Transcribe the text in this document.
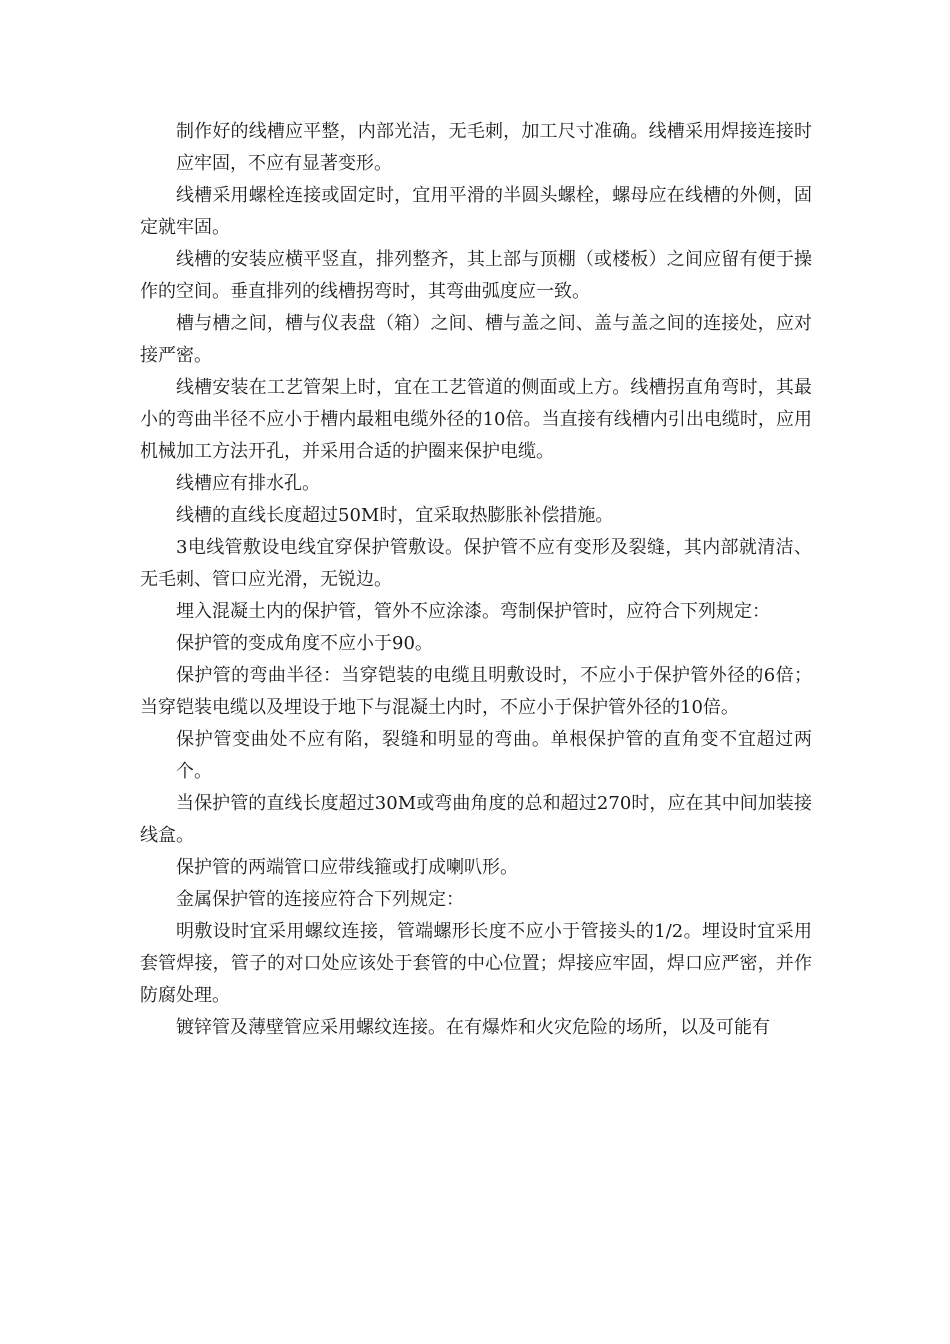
制作好的线槽应平整，内部光洁，无毛刺，加工尺寸准确。线槽采用焊接连接时应牢固，不应有显著变形。

线槽采用螺栓连接或固定时，宜用平滑的半圆头螺栓，螺母应在线槽的外侧，固定就牢固。

线槽的安装应横平竖直，排列整齐，其上部与顶棚（或楼板）之间应留有便于操作的空间。垂直排列的线槽拐弯时，其弯曲弧度应一致。

槽与槽之间，槽与仪表盘（箱）之间、槽与盖之间、盖与盖之间的连接处，应对接严密。

线槽安装在工艺管架上时，宜在工艺管道的侧面或上方。线槽拐直角弯时，其最小的弯曲半径不应小于槽内最粗电缆外径的10倍。当直接有线槽内引出电缆时，应用机械加工方法开孔，并采用合适的护圈来保护电缆。

线槽应有排水孔。

线槽的直线长度超过50M时，宜采取热膨胀补偿措施。

3电线管敷设电线宜穿保护管敷设。保护管不应有变形及裂缝，其内部就清洁、无毛刺、管口应光滑，无锐边。

埋入混凝土内的保护管，管外不应涂漆。弯制保护管时，应符合下列规定：

保护管的变成角度不应小于90。

保护管的弯曲半径：当穿铠装的电缆且明敷设时，不应小于保护管外径的6倍；当穿铠装电缆以及埋设于地下与混凝土内时，不应小于保护管外径的10倍。

保护管变曲处不应有陷，裂缝和明显的弯曲。单根保护管的直角变不宜超过两个。

当保护管的直线长度超过30M或弯曲角度的总和超过270时，应在其中间加装接线盒。

保护管的两端管口应带线箍或打成喇叭形。

金属保护管的连接应符合下列规定：

明敷设时宜采用螺纹连接，管端螺形长度不应小于管接头的1/2。埋设时宜采用套管焊接，管子的对口处应该处于套管的中心位置；焊接应牢固，焊口应严密，并作防腐处理。

镀锌管及薄壁管应采用螺纹连接。在有爆炸和火灾危险的场所，以及可能有
